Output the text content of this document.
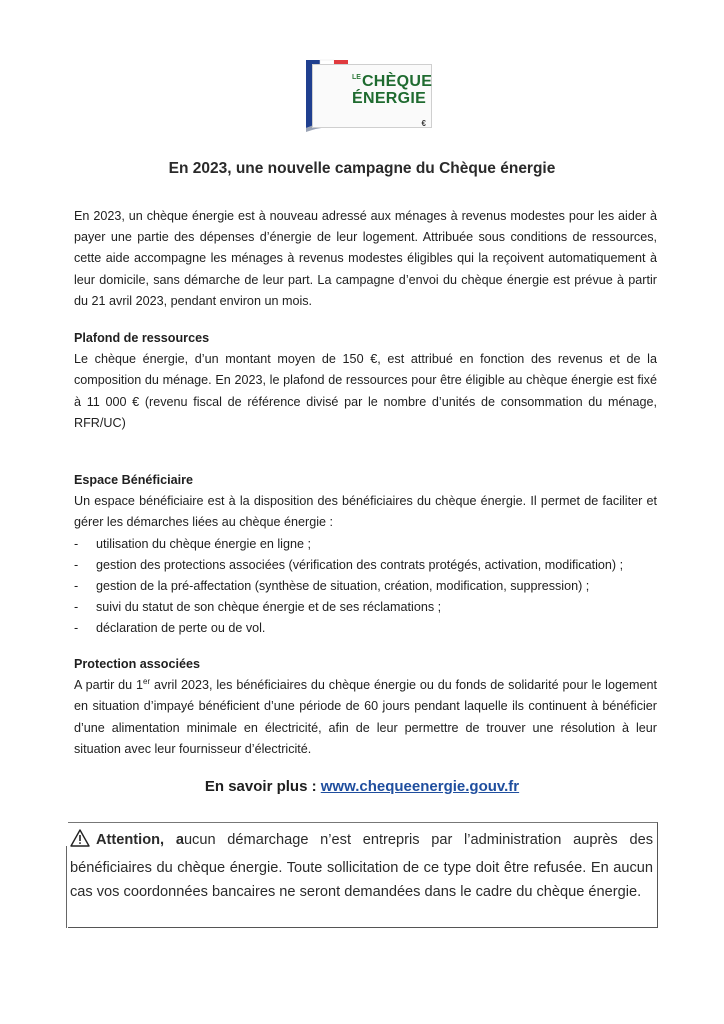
$^{LE}$CHÈQUE
ÉNERGIE
€
En 2023, une nouvelle campagne du Chèque énergie

En 2023, un chèque énergie est à nouveau adressé aux ménages à revenus modestes pour les aider à payer une partie des dépenses d’énergie de leur logement. Attribuée sous conditions de ressources, cette aide accompagne les ménages à revenus modestes éligibles qui la reçoivent automatiquement à leur domicile, sans démarche de leur part. La campagne d’envoi du chèque énergie est prévue à partir du 21 avril 2023, pendant environ un mois.

Plafond de ressources

Le chèque énergie, d’un montant moyen de 150 €, est attribué en fonction des revenus et de la composition du ménage. En 2023, le plafond de ressources pour être éligible au chèque énergie est fixé à 11 000 € (revenu fiscal de référence divisé par le nombre d’unités de consommation du ménage, RFR/UC)

Espace Bénéficiaire

Un espace bénéficiaire est à la disposition des bénéficiaires du chèque énergie. Il permet de faciliter et gérer les démarches liées au chèque énergie :

- utilisation du chèque énergie en ligne ;
- gestion des protections associées (vérification des contrats protégés, activation, modification) ;
- gestion de la pré-affectation (synthèse de situation, création, modification, suppression) ;
- suivi du statut de son chèque énergie et de ses réclamations ;
- déclaration de perte ou de vol.
Protection associées

A partir du 1er avril 2023, les bénéficiaires du chèque énergie ou du fonds de solidarité pour le logement en situation d’impayé bénéficient d’une période de 60 jours pendant laquelle ils continuent à bénéficier d’une alimentation minimale en électricité, afin de leur permettre de trouver une résolution à leur situation avec leur fournisseur d’électricité.

En savoir plus : www.chequeenergie.gouv.fr
Attention, aucun démarchage n’est entrepris par l’administration auprès des bénéficiaires du chèque énergie. Toute sollicitation de ce type doit être refusée. En aucun cas vos coordonnées bancaires ne seront demandées dans le cadre du chèque énergie.
